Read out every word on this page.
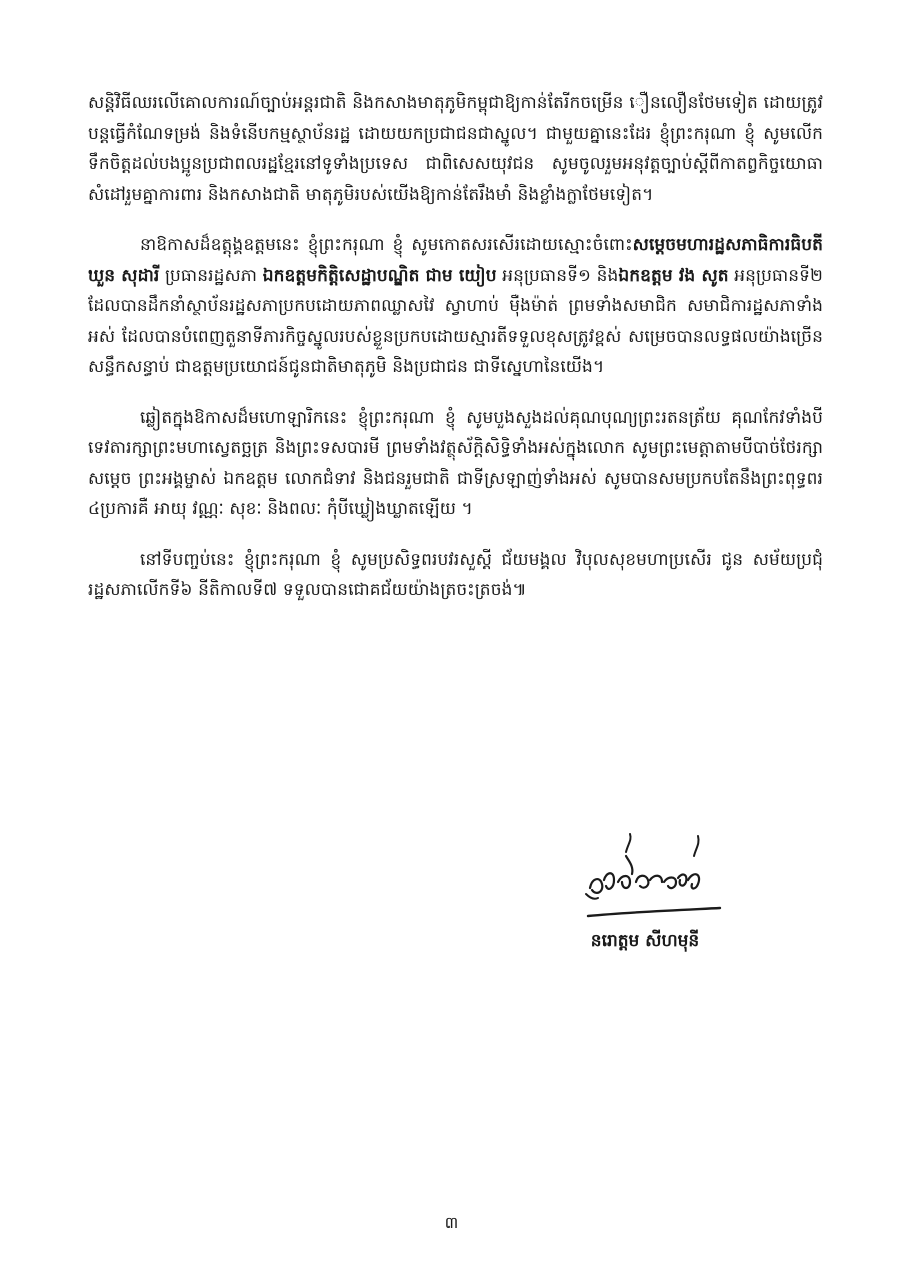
សន្តិវិធីឈរលើគោលការណ៍ច្បាប់អន្តរជាតិ និងកសាងមាតុភូមិកម្ពុជាឱ្យកាន់តែរីកចម្រើន ឿនលឿនថែមទៀត ដោយត្រូវបន្តធ្វើកំណែទម្រង់ និងទំនើបកម្មស្ថាប័នរដ្ឋ ដោយយកប្រជាជនជាស្នូល។ ជាមួយគ្នានេះដែរ ខ្ញុំព្រះករុណា ខ្ញុំ សូមលើកទឹកចិត្តដល់បងប្អូនប្រជាពលរដ្ឋខ្មែរនៅទូទាំងប្រទេស ជាពិសេសយុវជន សូមចូលរួមអនុវត្តច្បាប់ស្តីពីកាតព្វកិច្ចយោធា សំដៅរួមគ្នាការពារ និងកសាងជាតិ មាតុភូមិរបស់យើងឱ្យកាន់តែរឹងមាំ និងខ្លាំងក្លាថែមទៀត។

នាឱកាសដ៏ឧត្តុង្គឧត្តមនេះ ខ្ញុំព្រះករុណា ខ្ញុំ សូមកោតសរសើរដោយស្មោះចំពោះសម្តេចមហារដ្ឋសភាធិការធិបតី ឃួន សុដារី ប្រធានរដ្ឋសភា ឯកឧត្តមកិត្តិសេដ្ឋាបណ្ឌិត ជាម យៀប អនុប្រធានទី១ និងឯកឧត្តម វង សូត អនុប្រធានទី២ ដែលបានដឹកនាំស្ថាប័នរដ្ឋសភាប្រកបដោយភាពឈ្លាសវៃ ស្វាហាប់ ម៉ឺងម៉ាត់ ព្រមទាំងសមាជិក សមាជិការដ្ឋសភាទាំងអស់ ដែលបានបំពេញតួនាទីភារកិច្ចស្នូលរបស់ខ្លួនប្រកបដោយស្មារតីទទួលខុសត្រូវខ្ពស់ សម្រេចបានលទ្ធផលយ៉ាងច្រើនសន្ធឹកសន្ធាប់ ជាឧត្តមប្រយោជន៍ជូនជាតិមាតុភូមិ និងប្រជាជន ជាទីស្នេហានៃយើង។

ឆ្លៀតក្នុងឱកាសដ៏មហោឡារិកនេះ ខ្ញុំព្រះករុណា ខ្ញុំ សូមបួងសួងដល់គុណបុណ្យព្រះរតនត្រ័យ គុណកែវទាំងបី ទេវតារក្សាព្រះមហាស្វេតច្ឆត្រ និងព្រះទសបារមី ព្រមទាំងវត្ថុស័ក្តិសិទ្ធិទាំងអស់ក្នុងលោក សូមព្រះមេត្តាតាមបីបាច់ថែរក្សា សម្តេច ព្រះអង្គម្ចាស់ ឯកឧត្តម លោកជំទាវ និងជនរួមជាតិ ជាទីស្រឡាញ់ទាំងអស់ សូមបានសមប្រកបតែនឹងព្រះពុទ្ធពរ ៤ប្រការគឺ អាយុ វណ្ណៈ សុខៈ និងពលៈ កុំបីឃ្លៀងឃ្លាតឡើយ ។

នៅទីបញ្ចប់នេះ ខ្ញុំព្រះករុណា ខ្ញុំ សូមប្រសិទ្ធពរបវរសួស្តី ជ័យមង្គល វិបុលសុខមហាប្រសើរ ជូន សម័យប្រជុំរដ្ឋសភាលើកទី៦ នីតិកាលទី៧ ទទួលបានជោគជ័យយ៉ាងត្រចះត្រចង់៕

នរោត្តម សីហមុនី
៣
